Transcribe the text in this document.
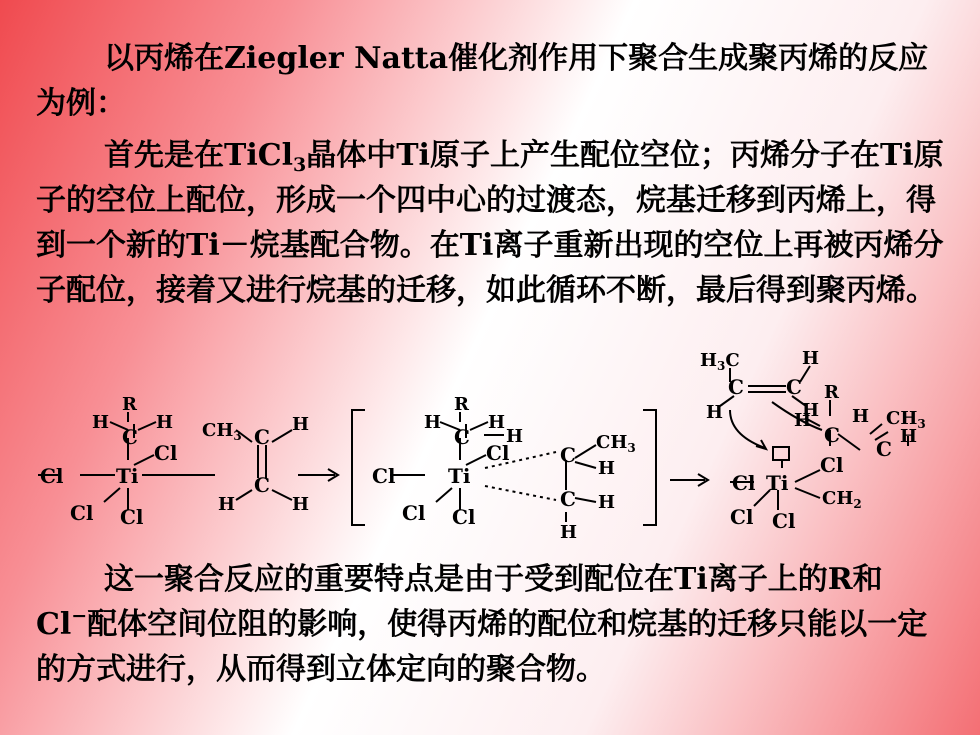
以丙烯在Ziegler Natta催化剂作用下聚合生成聚丙烯的反应为例：

首先是在TiCl$_3$晶体中Ti原子上产生配位空位；丙烯分子在Ti原子的空位上配位，形成一个四中心的过渡态，烷基迁移到丙烯上，得到一个新的Ti－烷基配合物。在Ti离子重新出现的空位上再被丙烯分子配位，接着又进行烷基的迁移，如此循环不断，最后得到聚丙烯。

Cl	Ti
Cl Cl
Cl
C
H	H
R
$CH_3$
H
C
C
H	H
Cl	Ti
Cl Cl
Cl
C
H	H
R
H	$CH_3$
C
H
C H
H
$H_3C$	H
C C
H	H
R
H
C
H $CH_3$
H
C
Cl Ti
Cl
$CH_2$
Cl Cl

这一聚合反应的重要特点是由于受到配位在Ti离子上的R和Cl−配体空间位阻的影响，使得丙烯的配位和烷基的迁移只能以一定的方式进行，从而得到立体定向的聚合物。
